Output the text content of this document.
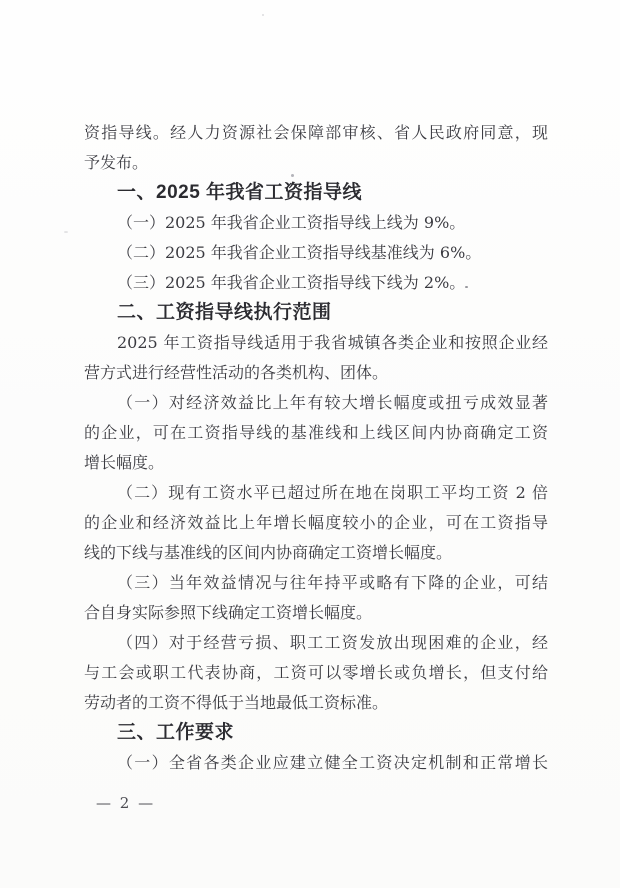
资指导线。经人力资源社会保障部审核、省人民政府同意，现
予发布。
一、2025 年我省工资指导线
（一）2025 年我省企业工资指导线上线为 9%。
（二）2025 年我省企业工资指导线基准线为 6%。
（三）2025 年我省企业工资指导线下线为 2%。
二、工资指导线执行范围
2025 年工资指导线适用于我省城镇各类企业和按照企业经
营方式进行经营性活动的各类机构、团体。
（一）对经济效益比上年有较大增长幅度或扭亏成效显著
的企业，可在工资指导线的基准线和上线区间内协商确定工资
增长幅度。
（二）现有工资水平已超过所在地在岗职工平均工资 2 倍
的企业和经济效益比上年增长幅度较小的企业，可在工资指导
线的下线与基准线的区间内协商确定工资增长幅度。
（三）当年效益情况与往年持平或略有下降的企业，可结
合自身实际参照下线确定工资增长幅度。
（四）对于经营亏损、职工工资发放出现困难的企业，经
与工会或职工代表协商，工资可以零增长或负增长，但支付给
劳动者的工资不得低于当地最低工资标准。
三、工作要求
（一）全省各类企业应建立健全工资决定机制和正常增长
— 2 —
